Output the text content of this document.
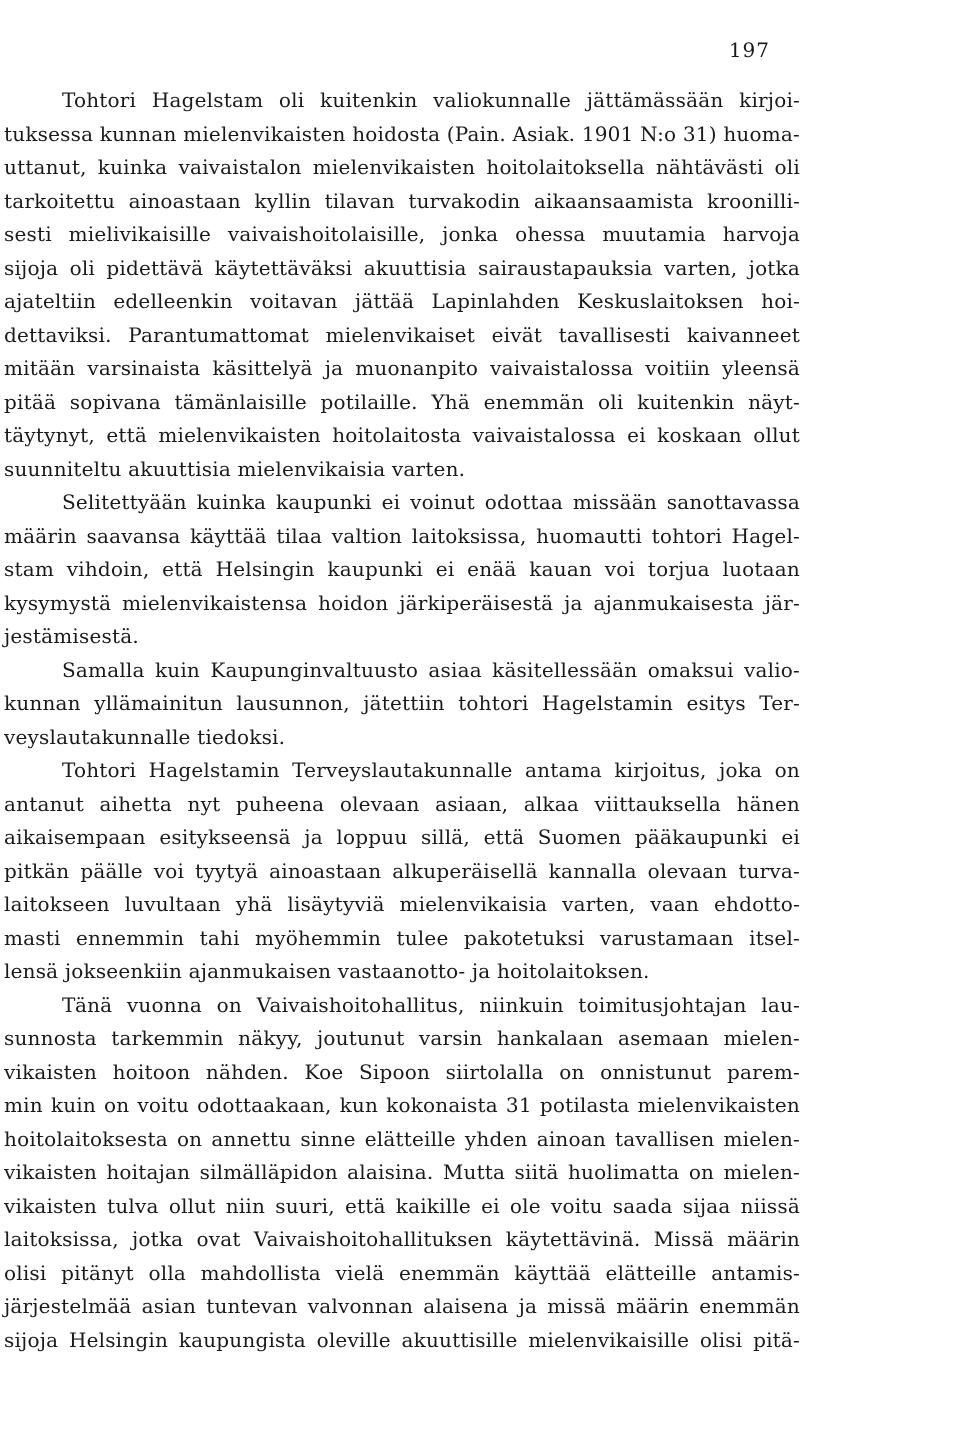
197
Tohtori Hagelstam oli kuitenkin valiokunnalle jättämässään kirjoi-
tuksessa kunnan mielenvikaisten hoidosta (Pain. Asiak. 1901 N:o 31) huoma-
uttanut, kuinka vaivaistalon mielenvikaisten hoitolaitoksella nähtävästi oli
tarkoitettu ainoastaan kyllin tilavan turvakodin aikaansaamista kroonilli-
sesti mielivikaisille vaivaishoitolaisille, jonka ohessa muutamia harvoja
sijoja oli pidettävä käytettäväksi akuuttisia sairaustapauksia varten, jotka
ajateltiin edelleenkin voitavan jättää Lapinlahden Keskuslaitoksen hoi-
dettaviksi. Parantumattomat mielenvikaiset eivät tavallisesti kaivanneet
mitään varsinaista käsittelyä ja muonanpito vaivaistalossa voitiin yleensä
pitää sopivana tämänlaisille potilaille. Yhä enemmän oli kuitenkin näyt-
täytynyt, että mielenvikaisten hoitolaitosta vaivaistalossa ei koskaan ollut
suunniteltu akuuttisia mielenvikaisia varten.
Selitettyään kuinka kaupunki ei voinut odottaa missään sanottavassa
määrin saavansa käyttää tilaa valtion laitoksissa, huomautti tohtori Hagel-
stam vihdoin, että Helsingin kaupunki ei enää kauan voi torjua luotaan
kysymystä mielenvikaistensa hoidon järkiperäisestä ja ajanmukaisesta jär-
jestämisestä.
Samalla kuin Kaupunginvaltuusto asiaa käsitellessään omaksui valio-
kunnan yllämainitun lausunnon, jätettiin tohtori Hagelstamin esitys Ter-
veyslautakunnalle tiedoksi.
Tohtori Hagelstamin Terveyslautakunnalle antama kirjoitus, joka on
antanut aihetta nyt puheena olevaan asiaan, alkaa viittauksella hänen
aikaisempaan esitykseensä ja loppuu sillä, että Suomen pääkaupunki ei
pitkän päälle voi tyytyä ainoastaan alkuperäisellä kannalla olevaan turva-
laitokseen luvultaan yhä lisäytyviä mielenvikaisia varten, vaan ehdotto-
masti ennemmin tahi myöhemmin tulee pakotetuksi varustamaan itsel-
lensä jokseenkiin ajanmukaisen vastaanotto- ja hoitolaitoksen.
Tänä vuonna on Vaivaishoitohallitus, niinkuin toimitusjohtajan lau-
sunnosta tarkemmin näkyy, joutunut varsin hankalaan asemaan mielen-
vikaisten hoitoon nähden. Koe Sipoon siirtolalla on onnistunut parem-
min kuin on voitu odottaakaan, kun kokonaista 31 potilasta mielenvikaisten
hoitolaitoksesta on annettu sinne elätteille yhden ainoan tavallisen mielen-
vikaisten hoitajan silmälläpidon alaisina. Mutta siitä huolimatta on mielen-
vikaisten tulva ollut niin suuri, että kaikille ei ole voitu saada sijaa niissä
laitoksissa, jotka ovat Vaivaishoitohallituksen käytettävinä. Missä määrin
olisi pitänyt olla mahdollista vielä enemmän käyttää elätteille antamis-
järjestelmää asian tuntevan valvonnan alaisena ja missä määrin enemmän
sijoja Helsingin kaupungista oleville akuuttisille mielenvikaisille olisi pitä-
